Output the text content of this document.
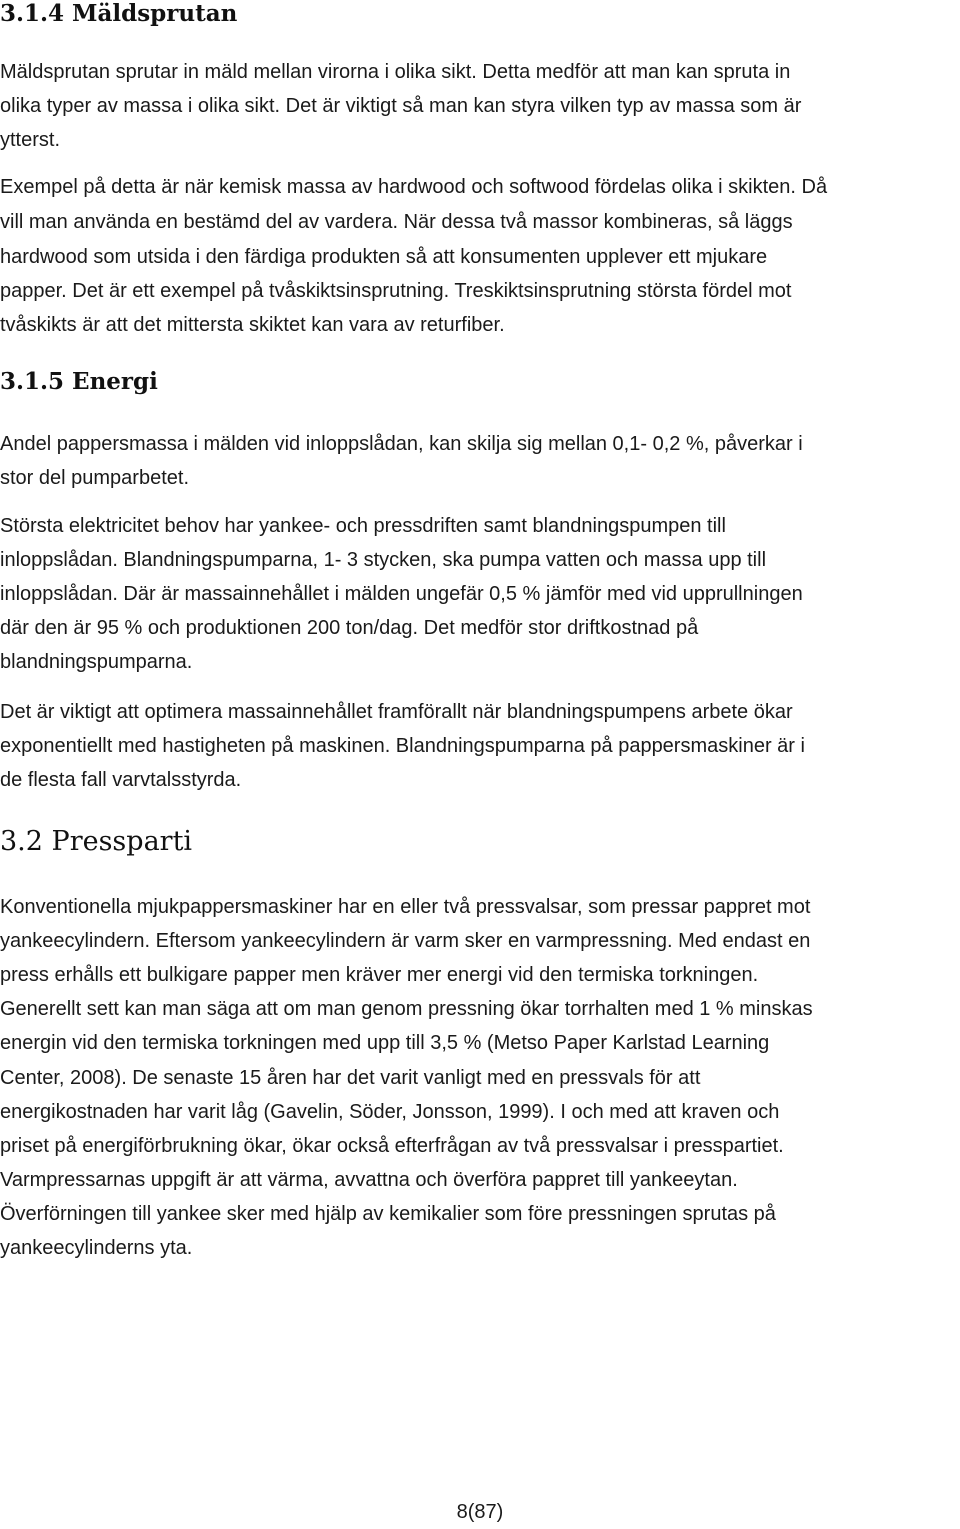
3.1.4 Mäldsprutan

Mäldsprutan sprutar in mäld mellan virorna i olika sikt. Detta medför att man kan spruta in

olika typer av massa i olika sikt. Det är viktigt så man kan styra vilken typ av massa som är

ytterst.

Exempel på detta är när kemisk massa av hardwood och softwood fördelas olika i skikten. Då

vill man använda en bestämd del av vardera. När dessa två massor kombineras, så läggs

hardwood som utsida i den färdiga produkten så att konsumenten upplever ett mjukare

papper. Det är ett exempel på tvåskiktsinsprutning. Treskiktsinsprutning största fördel mot

tvåskikts är att det mittersta skiktet kan vara av returfiber.

3.1.5 Energi

Andel pappersmassa i mälden vid inloppslådan, kan skilja sig mellan 0,1- 0,2 %, påverkar i

stor del pumparbetet.

Största elektricitet behov har yankee- och pressdriften samt blandningspumpen till

inloppslådan. Blandningspumparna, 1- 3 stycken, ska pumpa vatten och massa upp till

inloppslådan. Där är massainnehållet i mälden ungefär 0,5 % jämför med vid upprullningen

där den är 95 % och produktionen 200 ton/dag. Det medför stor driftkostnad på

blandningspumparna.

Det är viktigt att optimera massainnehållet framförallt när blandningspumpens arbete ökar

exponentiellt med hastigheten på maskinen. Blandningspumparna på pappersmaskiner är i

de flesta fall varvtalsstyrda.

3.2 Pressparti

Konventionella mjukpappersmaskiner har en eller två pressvalsar, som pressar pappret mot

yankeecylindern. Eftersom yankeecylindern är varm sker en varmpressning. Med endast en

press erhålls ett bulkigare papper men kräver mer energi vid den termiska torkningen.

Generellt sett kan man säga att om man genom pressning ökar torrhalten med 1 % minskas

energin vid den termiska torkningen med upp till 3,5 % (Metso Paper Karlstad Learning

Center, 2008). De senaste 15 åren har det varit vanligt med en pressvals för att

energikostnaden har varit låg (Gavelin, Söder, Jonsson, 1999). I och med att kraven och

priset på energiförbrukning ökar, ökar också efterfrågan av två pressvalsar i presspartiet.

Varmpressarnas uppgift är att värma, avvattna och överföra pappret till yankeeytan.

Överförningen till yankee sker med hjälp av kemikalier som före pressningen sprutas på

yankeecylinderns yta.

8(87)
